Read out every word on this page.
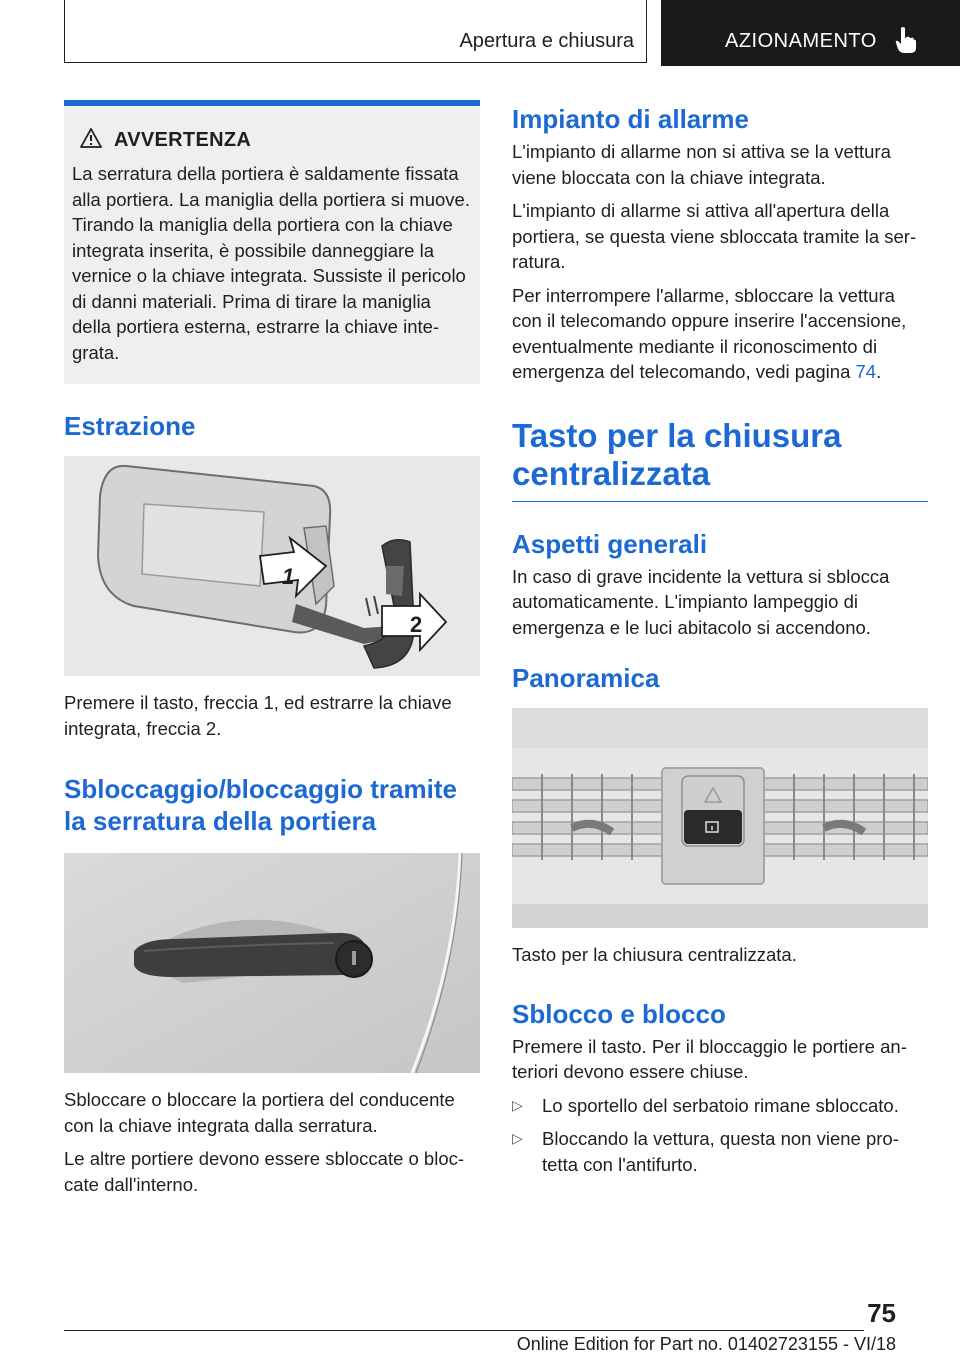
Apertura e chiusura	AZIONAMENTO
AVVERTENZA

La serratura della portiera è saldamente fissata alla portiera. La maniglia della portiera si muove. Tirando la maniglia della portiera con la chiave integrata inserita, è possibile danneggiare la vernice o la chiave integrata. Sussiste il pericolo di danni materiali. Prima di tirare la maniglia della portiera esterna, estrarre la chiave integrata.

Estrazione
1
2

Premere il tasto, freccia 1, ed estrarre la chiave integrata, freccia 2.

Sbloccaggio/bloccaggio tramite la serratura della portiera

Sbloccare o bloccare la portiera del conducente con la chiave integrata dalla serratura.

Le altre portiere devono essere sbloccate o bloccate dall'interno.

Impianto di allarme

L'impianto di allarme non si attiva se la vettura viene bloccata con la chiave integrata.

L'impianto di allarme si attiva all'apertura della portiera, se questa viene sbloccata tramite la serratura.

Per interrompere l'allarme, sbloccare la vettura con il telecomando oppure inserire l'accensione, eventualmente mediante il riconoscimento di emergenza del telecomando, vedi pagina 74.

Tasto per la chiusura centralizzata
Aspetti generali

In caso di grave incidente la vettura si sblocca automaticamente. L'impianto lampeggio di emergenza e le luci abitacolo si accendono.

Panoramica

Tasto per la chiusura centralizzata.

Sblocco e blocco

Premere il tasto. Per il bloccaggio le portiere anteriori devono essere chiuse.

▷ Lo sportello del serbatoio rimane sbloccato.
▷ Bloccando la vettura, questa non viene protetta con l'antifurto.
75
Online Edition for Part no. 01402723155 - VI/18
